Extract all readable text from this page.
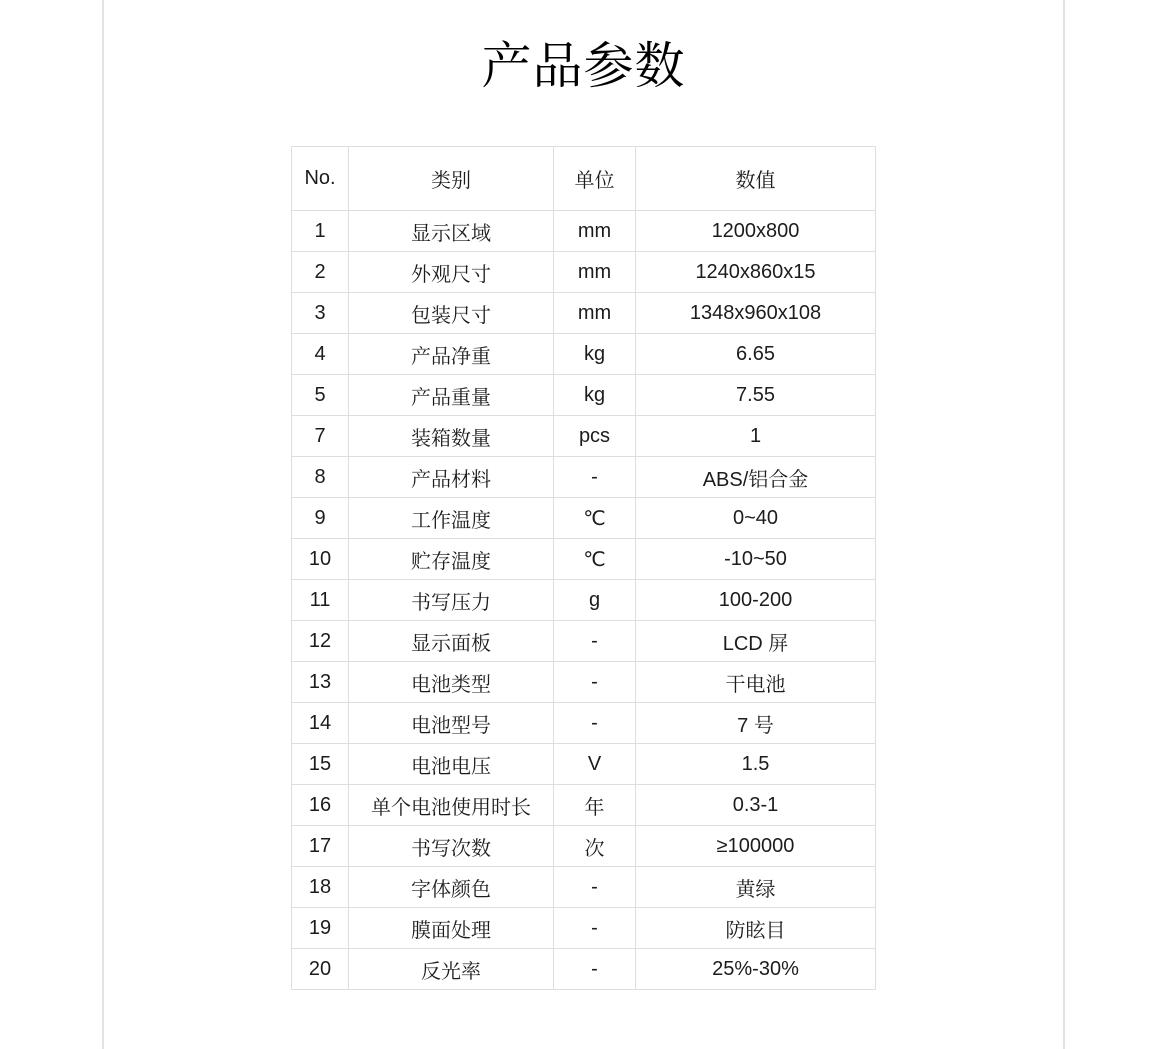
产品参数
No.	类别	单位	数值
1	显示区域	mm	1200x800
2	外观尺寸	mm	1240x860x15
3	包装尺寸	mm	1348x960x108
4	产品净重	kg	6.65
5	产品重量	kg	7.55
7	装箱数量	pcs	1
8	产品材料	-	ABS/铝合金
9	工作温度	℃	0~40
10	贮存温度	℃	-10~50
11	书写压力	g	100-200
12	显示面板	-	LCD 屏
13	电池类型	-	干电池
14	电池型号	-	7 号
15	电池电压	V	1.5
16	单个电池使用时长	年	0.3-1
17	书写次数	次	≥100000
18	字体颜色	-	黄绿
19	膜面处理	-	防眩目
20	反光率	-	25%-30%
